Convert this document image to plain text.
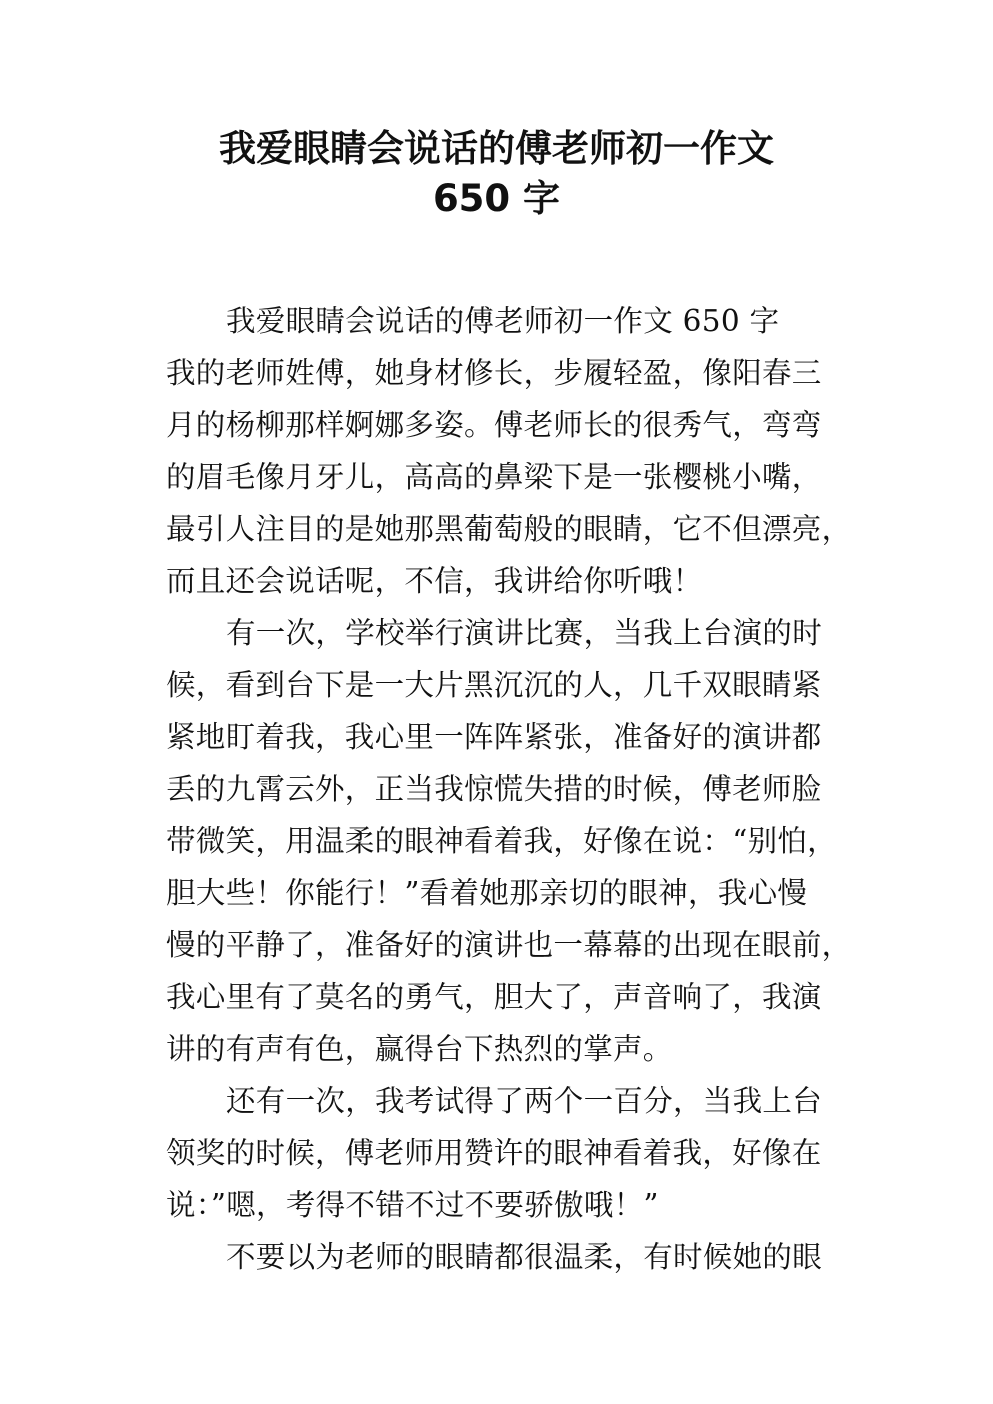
我爱眼睛会说话的傅老师初一作文
650 字
我爱眼睛会说话的傅老师初一作文 650 字
我的老师姓傅，她身材修长，步履轻盈，像阳春三
月的杨柳那样婀娜多姿。傅老师长的很秀气，弯弯
的眉毛像月牙儿，高高的鼻梁下是一张樱桃小嘴，
最引人注目的是她那黑葡萄般的眼睛，它不但漂亮，
而且还会说话呢，不信，我讲给你听哦！
有一次，学校举行演讲比赛，当我上台演的时
候，看到台下是一大片黑沉沉的人，几千双眼睛紧
紧地盯着我，我心里一阵阵紧张，准备好的演讲都
丢的九霄云外，正当我惊慌失措的时候，傅老师脸
带微笑，用温柔的眼神看着我，好像在说：“别怕，
胆大些！你能行！”看着她那亲切的眼神，我心慢
慢的平静了，准备好的演讲也一幕幕的出现在眼前，
我心里有了莫名的勇气，胆大了，声音响了，我演
讲的有声有色，赢得台下热烈的掌声。
还有一次，我考试得了两个一百分，当我上台
领奖的时候，傅老师用赞许的眼神看着我，好像在
说：”嗯，考得不错不过不要骄傲哦！”
不要以为老师的眼睛都很温柔，有时候她的眼
